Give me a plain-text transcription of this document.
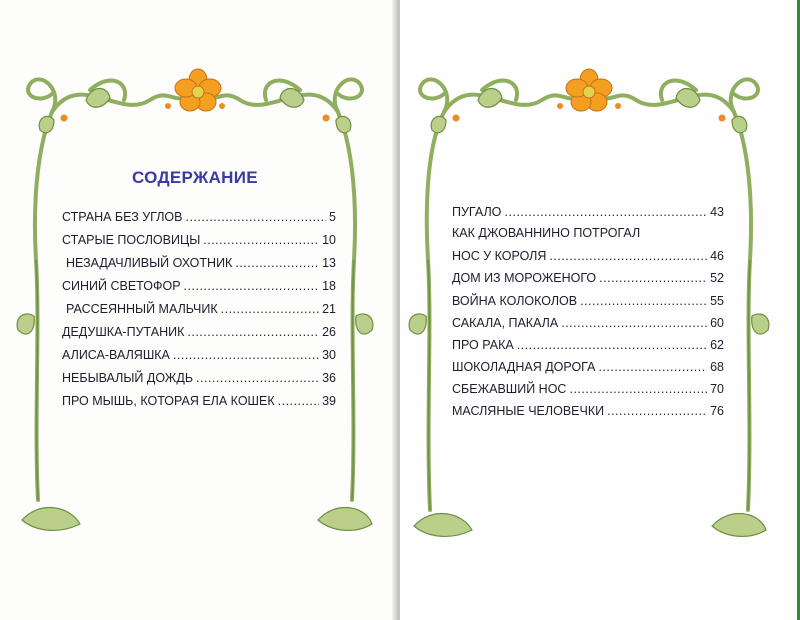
СОДЕРЖАНИЕ
СТРАНА БЕЗ УГЛОВ .....	5
СТАРЫЕ ПОСЛОВИЦЫ .....	10
НЕЗАДАЧЛИВЫЙ ОХОТНИК .....	13
СИНИЙ СВЕТОФОР .....	18
РАССЕЯННЫЙ МАЛЬЧИК .....	21
ДЕДУШКА-ПУТАНИК .....	26
АЛИСА-ВАЛЯШКА .....	30
НЕБЫВАЛЫЙ ДОЖДЬ .....	36
ПРО МЫШЬ, КОТОРАЯ ЕЛА КОШЕК .....	39
ПУГАЛО .....	43
КАК ДЖОВАННИНО ПОТРОГАЛ
НОС У КОРОЛЯ .....	46
ДОМ ИЗ МОРОЖЕНОГО .....	52
ВОЙНА КОЛОКОЛОВ .....	55
САКАЛА, ПАКАЛА .....	60
ПРО РАКА .....	62
ШОКОЛАДНАЯ ДОРОГА .....	68
СБЕЖАВШИЙ НОС .....	70
МАСЛЯНЫЕ ЧЕЛОВЕЧКИ .....	76
